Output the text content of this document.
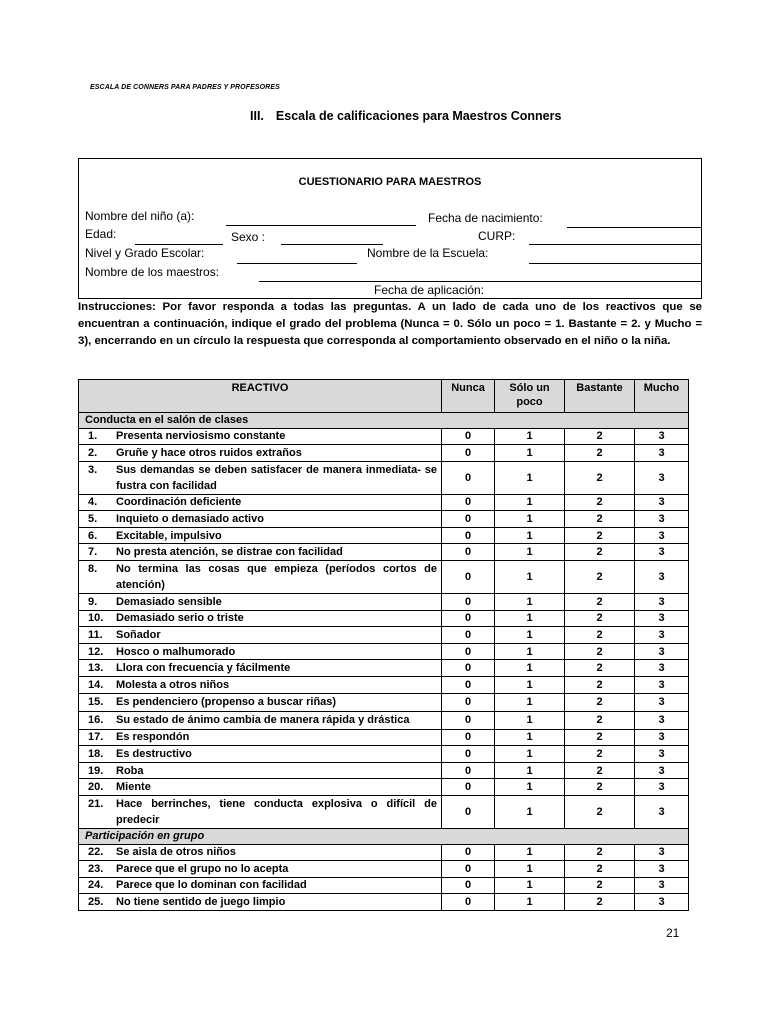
ESCALA DE CONNERS PARA PADRES Y PROFESORES
III. Escala de calificaciones para Maestros Conners
CUESTIONARIO PARA MAESTROS
Nombre del niño (a):	Fecha de nacimiento:
Edad:	Sexo :	CURP:
Nivel y Grado Escolar:	Nombre de la Escuela:
Nombre de los maestros:
Fecha de aplicación:
Instrucciones: Por favor responda a todas las preguntas. A un lado de cada uno de los reactivos que se encuentran a continuación, indique el grado del problema (Nunca = 0. Sólo un poco = 1. Bastante = 2. y Mucho = 3), encerrando en un círculo la respuesta que corresponda al comportamiento observado en el niño o la niña.
REACTIVO	Nunca	Sólo un poco	Bastante	Mucho
Conducta en el salón de clases				

1. Presenta nerviosismo constante	0	1	2	3

2. Gruñe y hace otros ruidos extraños	0	1	2	3

3. Sus demandas se deben satisfacer de manera inmediata- se fustra con facilidad	0	1	2	3

4. Coordinación deficiente	0	1	2	3

5. Inquieto o demasiado activo	0	1	2	3

6. Excitable, impulsivo	0	1	2	3

7. No presta atención, se distrae con facilidad	0	1	2	3

8. No termina las cosas que empieza (períodos cortos de atención)	0	1	2	3

9. Demasiado sensible	0	1	2	3

10. Demasiado serio o triste	0	1	2	3

11. Soñador	0	1	2	3

12. Hosco o malhumorado	0	1	2	3

13. Llora con frecuencia y fácilmente	0	1	2	3

14. Molesta a otros niños	0	1	2	3

15. Es pendenciero (propenso a buscar riñas)	0	1	2	3

16. Su estado de ánimo cambia de manera rápida y drástica	0	1	2	3

17. Es respondón	0	1	2	3

18. Es destructivo	0	1	2	3

19. Roba	0	1	2	3

20. Miente	0	1	2	3

21. Hace berrinches, tiene conducta explosiva o difícil de predecir	0	1	2	3
Participación en grupo				

22. Se aisla de otros niños	0	1	2	3

23. Parece que el grupo no lo acepta	0	1	2	3

24. Parece que lo dominan con facilidad	0	1	2	3

25. No tiene sentido de juego limpio	0	1	2	3
21
